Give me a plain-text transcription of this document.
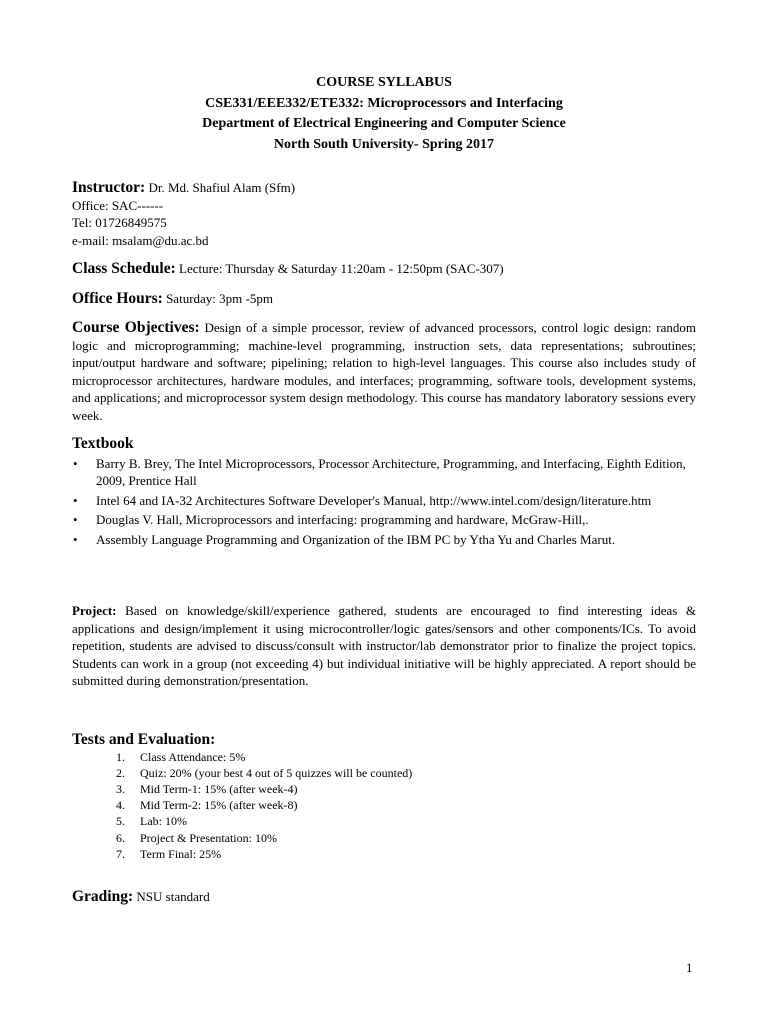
COURSE SYLLABUS
CSE331/EEE332/ETE332: Microprocessors and Interfacing
Department of Electrical Engineering and Computer Science
North South University- Spring 2017
Instructor: Dr. Md. Shafiul Alam (Sfm)
Office: SAC------
Tel: 01726849575
e-mail: msalam@du.ac.bd
Class Schedule: Lecture: Thursday & Saturday 11:20am - 12:50pm (SAC-307)
Office Hours: Saturday: 3pm -5pm
Course Objectives: Design of a simple processor, review of advanced processors, control logic design: random logic and microprogramming; machine-level programming, instruction sets, data representations; subroutines; input/output hardware and software; pipelining; relation to high-level languages. This course also includes study of microprocessor architectures, hardware modules, and interfaces; programming, software tools, development systems, and applications; and microprocessor system design methodology. This course has mandatory laboratory sessions every week.
Textbook
• Barry B. Brey, The Intel Microprocessors, Processor Architecture, Programming, and Interfacing, Eighth Edition, 2009, Prentice Hall
• Intel 64 and IA-32 Architectures Software Developer's Manual, http://www.intel.com/design/literature.htm
• Douglas V. Hall, Microprocessors and interfacing: programming and hardware, McGraw-Hill,.
• Assembly Language Programming and Organization of the IBM PC by Ytha Yu and Charles Marut.
Project: Based on knowledge/skill/experience gathered, students are encouraged to find interesting ideas & applications and design/implement it using microcontroller/logic gates/sensors and other components/ICs. To avoid repetition, students are advised to discuss/consult with instructor/lab demonstrator prior to finalize the project topics. Students can work in a group (not exceeding 4) but individual initiative will be highly appreciated. A report should be submitted during demonstration/presentation.
Tests and Evaluation:
1. Class Attendance: 5%
2. Quiz: 20% (your best 4 out of 5 quizzes will be counted)
3. Mid Term-1: 15% (after week-4)
4. Mid Term-2: 15% (after week-8)
5. Lab: 10%
6. Project & Presentation: 10%
7. Term Final: 25%
Grading: NSU standard
1
